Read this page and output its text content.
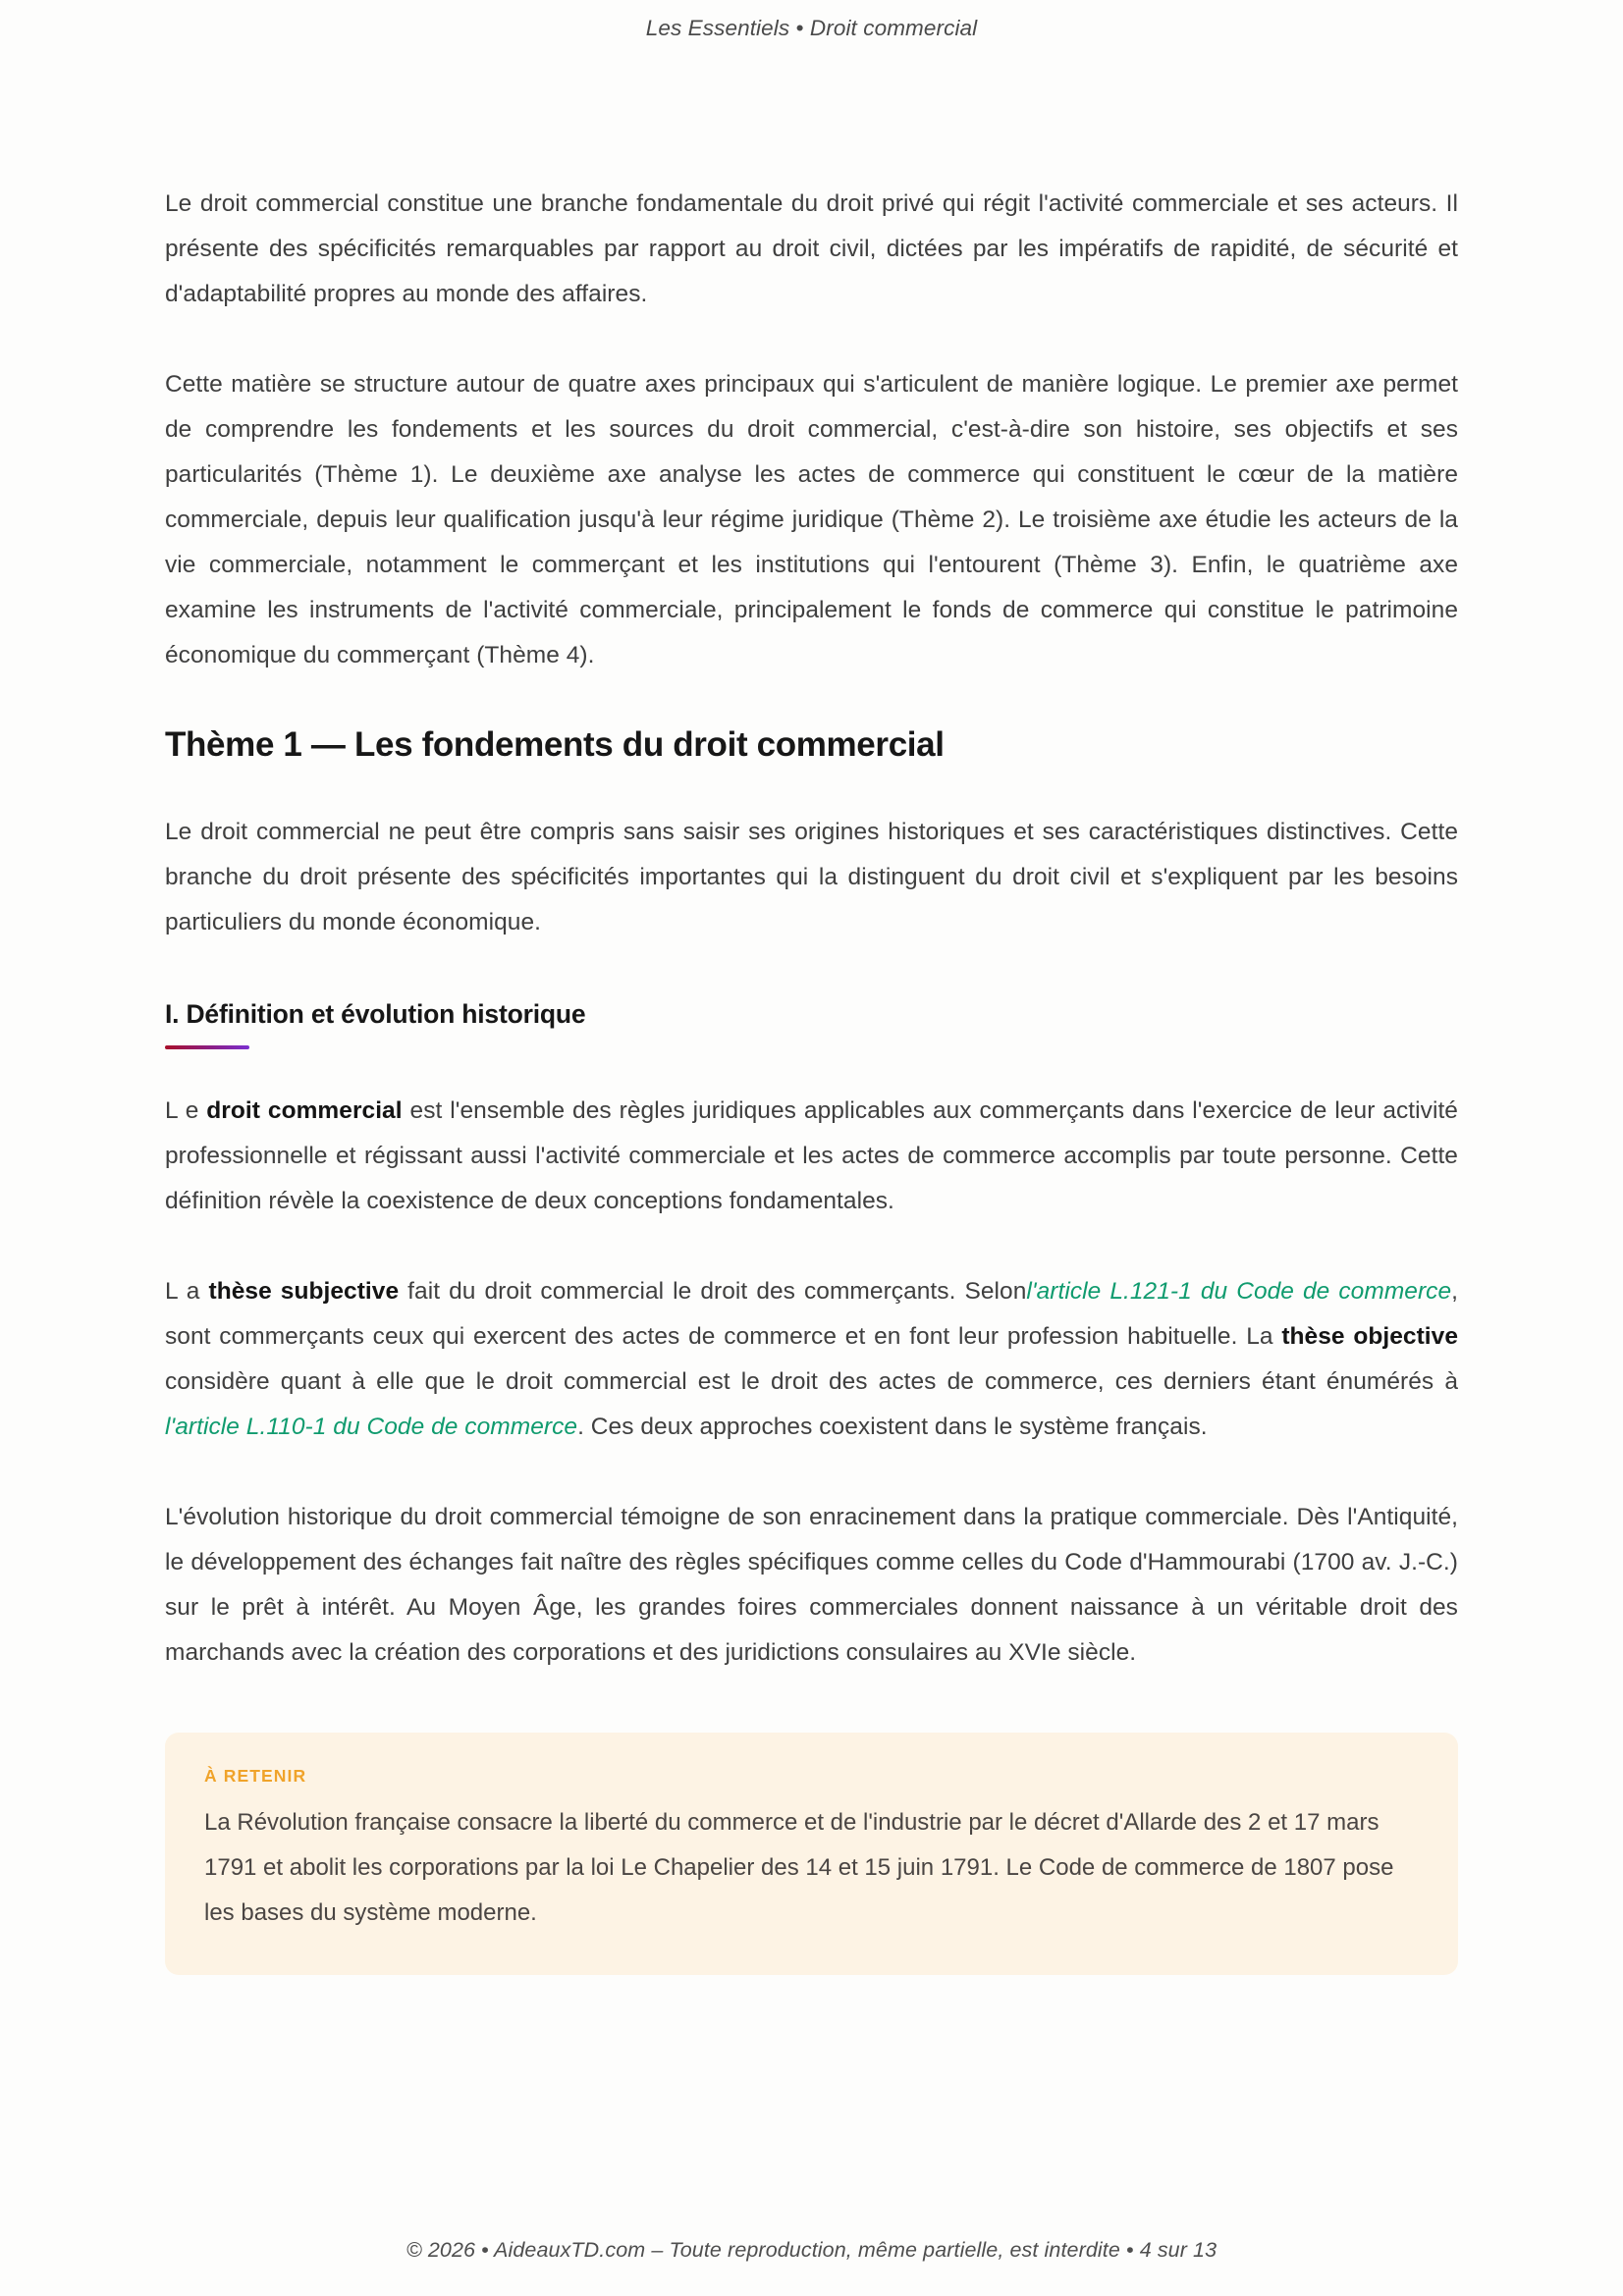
Les Essentiels • Droit commercial

Le droit commercial constitue une branche fondamentale du droit privé qui régit l'activité commerciale et ses acteurs. Il présente des spécificités remarquables par rapport au droit civil, dictées par les impératifs de rapidité, de sécurité et d'adaptabilité propres au monde des affaires.

Cette matière se structure autour de quatre axes principaux qui s'articulent de manière logique. Le premier axe permet de comprendre les fondements et les sources du droit commercial, c'est-à-dire son histoire, ses objectifs et ses particularités (Thème 1). Le deuxième axe analyse les actes de commerce qui constituent le cœur de la matière commerciale, depuis leur qualification jusqu'à leur régime juridique (Thème 2). Le troisième axe étudie les acteurs de la vie commerciale, notamment le commerçant et les institutions qui l'entourent (Thème 3). Enfin, le quatrième axe examine les instruments de l'activité commerciale, principalement le fonds de commerce qui constitue le patrimoine économique du commerçant (Thème 4).

Thème 1 — Les fondements du droit commercial

Le droit commercial ne peut être compris sans saisir ses origines historiques et ses caractéristiques distinctives. Cette branche du droit présente des spécificités importantes qui la distinguent du droit civil et s'expliquent par les besoins particuliers du monde économique.

I. Définition et évolution historique

L e droit commercial est l'ensemble des règles juridiques applicables aux commerçants dans l'exercice de leur activité professionnelle et régissant aussi l'activité commerciale et les actes de commerce accomplis par toute personne. Cette définition révèle la coexistence de deux conceptions fondamentales.

L a thèse subjective fait du droit commercial le droit des commerçants. Selonl'article L.121-1 du Code de commerce, sont commerçants ceux qui exercent des actes de commerce et en font leur profession habituelle. La thèse objective considère quant à elle que le droit commercial est le droit des actes de commerce, ces derniers étant énumérés à l'article L.110-1 du Code de commerce. Ces deux approches coexistent dans le système français.

L'évolution historique du droit commercial témoigne de son enracinement dans la pratique commerciale. Dès l'Antiquité, le développement des échanges fait naître des règles spécifiques comme celles du Code d'Hammourabi (1700 av. J.-C.) sur le prêt à intérêt. Au Moyen Âge, les grandes foires commerciales donnent naissance à un véritable droit des marchands avec la création des corporations et des juridictions consulaires au XVIe siècle.

À RETENIR

La Révolution française consacre la liberté du commerce et de l'industrie par le décret d'Allarde des 2 et 17 mars 1791 et abolit les corporations par la loi Le Chapelier des 14 et 15 juin 1791. Le Code de commerce de 1807 pose les bases du système moderne.

© 2026 • AideauxTD.com – Toute reproduction, même partielle, est interdite • 4 sur 13
